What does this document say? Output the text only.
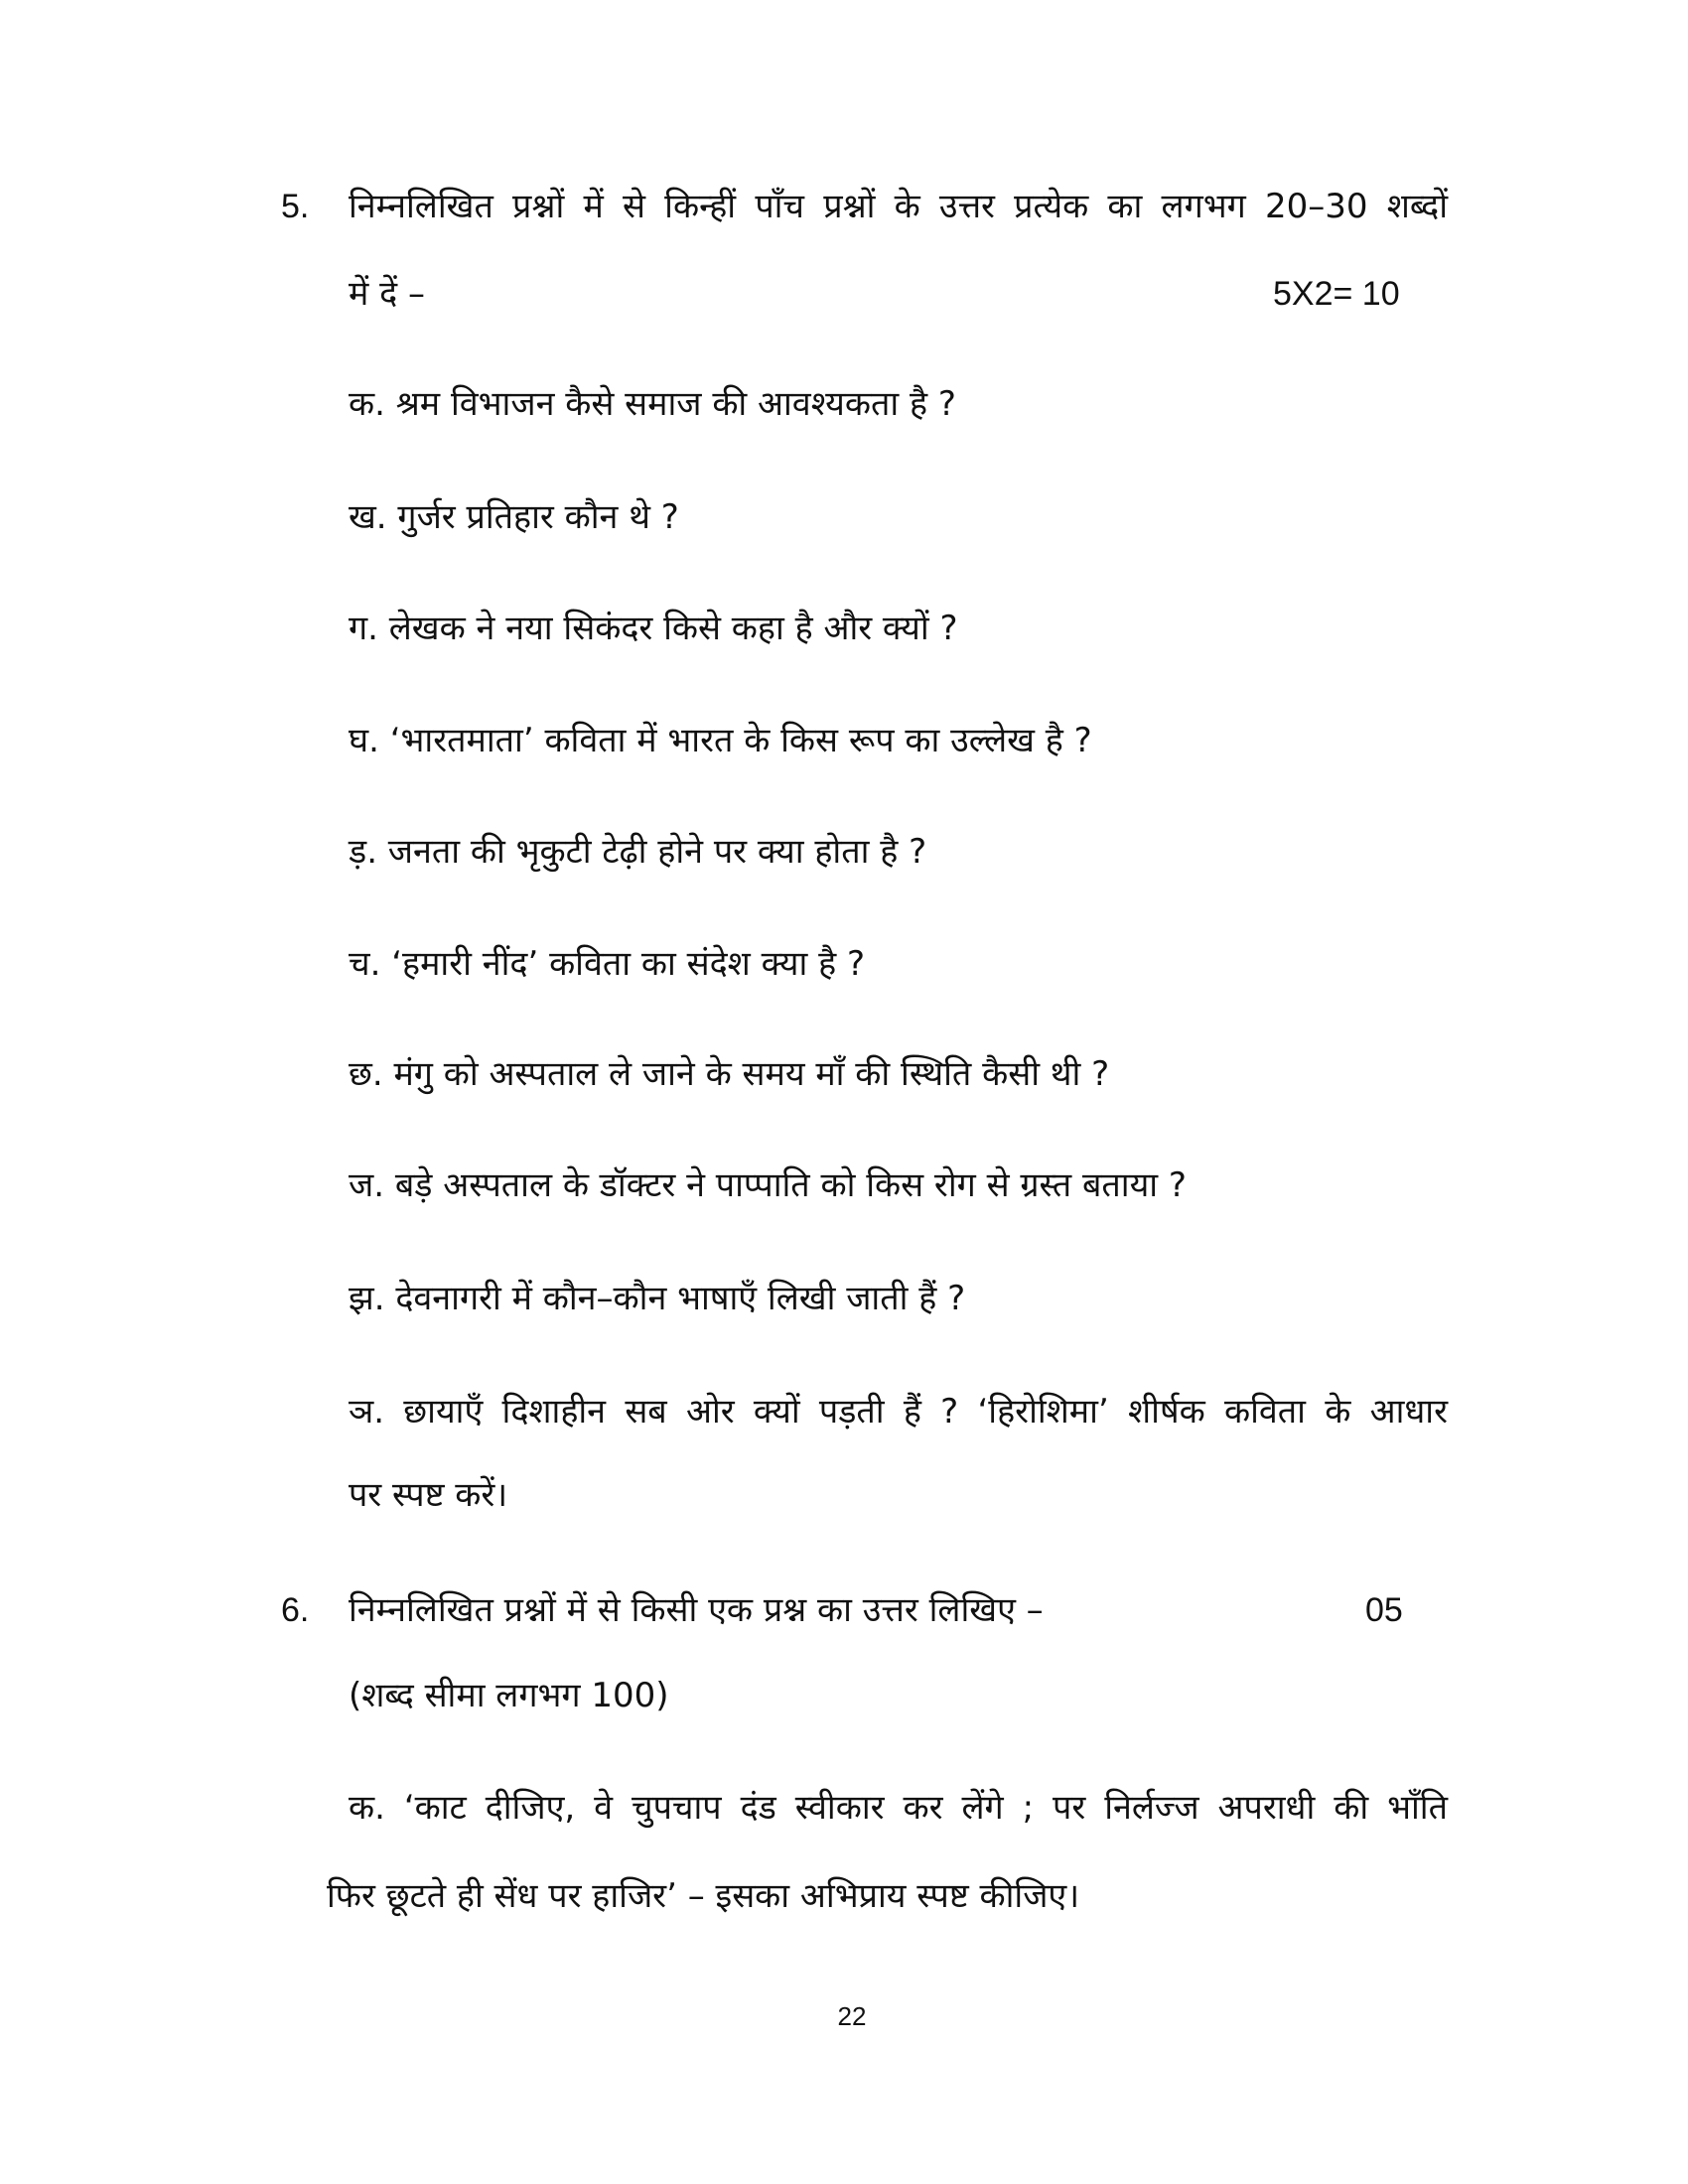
5. निम्नलिखित प्रश्नों में से किन्हीं पाँच प्रश्नों के उत्तर प्रत्येक का लगभग 20–30 शब्दों
में दें –	5X2= 10
क. श्रम विभाजन कैसे समाज की आवश्यकता है ?
ख. गुर्जर प्रतिहार कौन थे ?
ग. लेखक ने नया सिकंदर किसे कहा है और क्यों ?
घ. ‘भारतमाता’ कविता में भारत के किस रूप का उल्लेख है ?
ड़. जनता की भृकुटी टेढ़ी होने पर क्या होता है ?
च. ‘हमारी नींद’ कविता का संदेश क्या है ?
छ. मंगु को अस्पताल ले जाने के समय माँ की स्थिति कैसी थी ?
ज. बड़े अस्पताल के डॉक्टर ने पाप्पाति को किस रोग से ग्रस्त बताया ?
झ. देवनागरी में कौन–कौन भाषाएँ लिखी जाती हैं ?
ञ. छायाएँ दिशाहीन सब ओर क्यों पड़ती हैं ? ‘हिरोशिमा’ शीर्षक कविता के आधार
पर स्पष्ट करें।
6. निम्नलिखित प्रश्नों में से किसी एक प्रश्न का उत्तर लिखिए –	05
(शब्द सीमा लगभग 100)
क. ‘काट दीजिए, वे चुपचाप दंड स्वीकार कर लेंगे ; पर निर्लज्ज अपराधी की भाँति
फिर छूटते ही सेंध पर हाजिर’ – इसका अभिप्राय स्पष्ट कीजिए।
22
